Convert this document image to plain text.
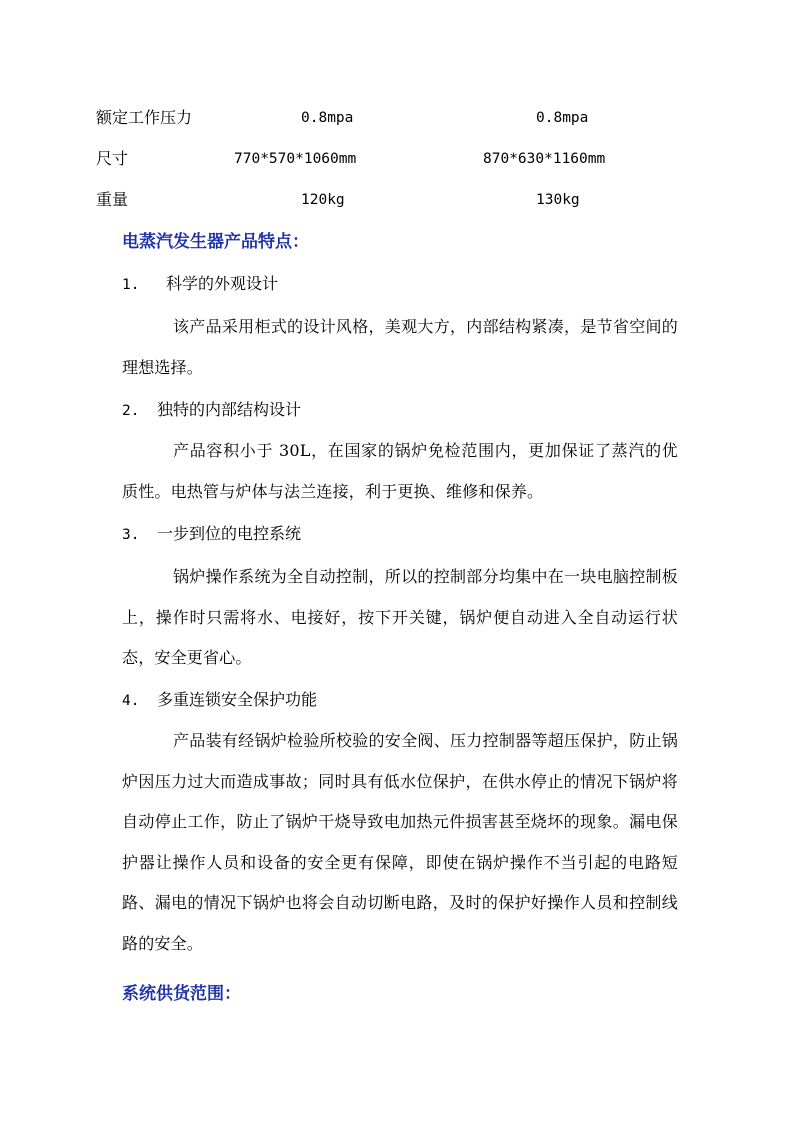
额定工作压力	0.8mpa	0.8mpa
尺寸	770*570*1060mm	870*630*1160mm
重量	120kg	130kg
电蒸汽发生器产品特点：
1. 科学的外观设计
该产品采用柜式的设计风格，美观大方，内部结构紧凑，是节省空间的理想选择。
2. 独特的内部结构设计
产品容积小于 30L，在国家的锅炉免检范围内，更加保证了蒸汽的优质性。电热管与炉体与法兰连接，利于更换、维修和保养。
3. 一步到位的电控系统
锅炉操作系统为全自动控制，所以的控制部分均集中在一块电脑控制板上，操作时只需将水、电接好，按下开关键，锅炉便自动进入全自动运行状态，安全更省心。
4. 多重连锁安全保护功能
产品装有经锅炉检验所校验的安全阀、压力控制器等超压保护，防止锅炉因压力过大而造成事故；同时具有低水位保护，在供水停止的情况下锅炉将自动停止工作，防止了锅炉干烧导致电加热元件损害甚至烧坏的现象。漏电保护器让操作人员和设备的安全更有保障，即使在锅炉操作不当引起的电路短路、漏电的情况下锅炉也将会自动切断电路，及时的保护好操作人员和控制线路的安全。
系统供货范围：
